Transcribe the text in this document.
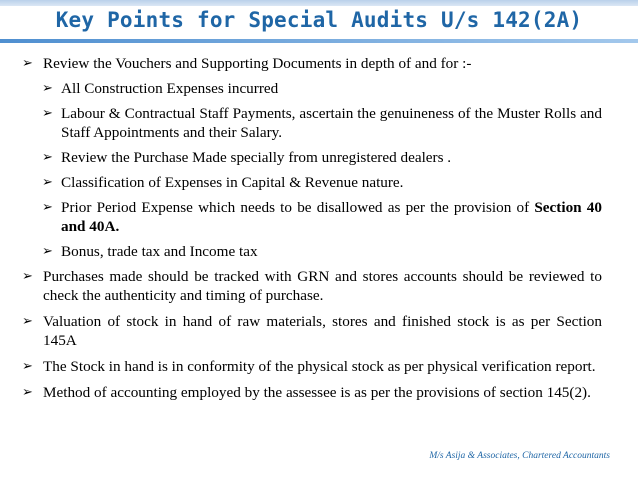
Key Points for Special Audits U/s 142(2A)
➢ Review the Vouchers and Supporting Documents in depth of and for :-
➢ All Construction Expenses incurred
➢ Labour & Contractual Staff Payments, ascertain the genuineness of the Muster Rolls and Staff Appointments and their Salary.
➢ Review the Purchase Made specially from unregistered dealers .
➢ Classification of Expenses in Capital & Revenue nature.
➢ Prior Period Expense which needs to be disallowed as per the provision of Section 40 and 40A.
➢ Bonus, trade tax and Income tax
➢ Purchases made should be tracked with GRN and stores accounts should be reviewed to check the authenticity and timing of purchase.
➢ Valuation of stock in hand of raw materials, stores and finished stock is as per Section 145A
➢ The Stock in hand is in conformity of the physical stock as per physical verification report.
➢ Method of accounting employed by the assessee is as per the provisions of section 145(2).
M/s Asija & Associates, Chartered Accountants
